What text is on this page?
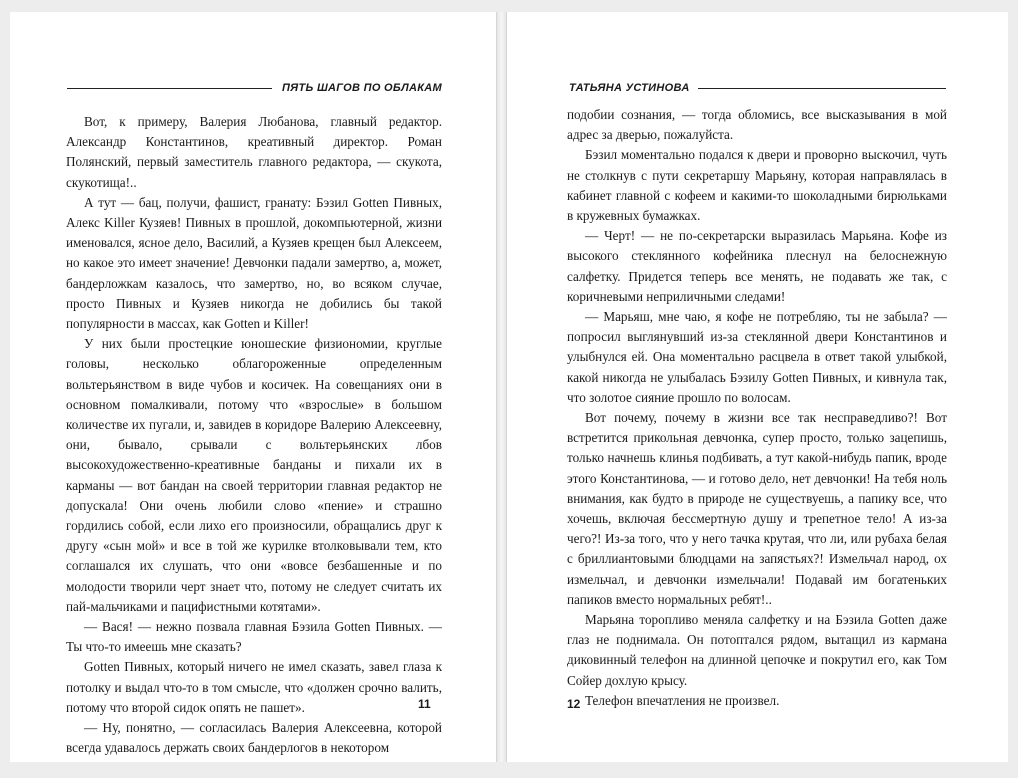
ПЯТЬ ШАГОВ ПО ОБЛАКАМ

Вот, к примеру, Валерия Любанова, главный редактор. Александр Константинов, креативный директор. Роман Полянский, первый заместитель главного редактора, — скукота, скукотища!..

А тут — бац, получи, фашист, гранату: Бэзил Gotten Пивных, Алекс Killer Кузяев! Пивных в прошлой, докомпьютерной, жизни именовался, ясное дело, Василий, а Кузяев крещен был Алексеем, но какое это имеет значение! Девчонки падали замертво, а, может, бандерложкам казалось, что замертво, но, во всяком случае, просто Пивных и Кузяев никогда не добились бы такой популярности в массах, как Gotten и Killer!

У них были простецкие юношеские физиономии, круглые головы, несколько облагороженные определенным вольтерьянством в виде чубов и косичек. На совещаниях они в основном помалкивали, потому что «взрослые» в большом количестве их пугали, и, завидев в коридоре Валерию Алексеевну, они, бывало, срывали с вольтерьянских лбов высокохудожественно-креативные банданы и пихали их в карманы — вот бандан на своей территории главная редактор не допускала! Они очень любили слово «пение» и страшно гордились собой, если лихо его произносили, обращались друг к другу «сын мой» и все в той же курилке втолковывали тем, кто соглашался их слушать, что они «вовсе безбашенные и по молодости творили черт знает что, потому не следует считать их пай-мальчиками и пацифистными котятами».

— Вася! — нежно позвала главная Бэзила Gotten Пивных. — Ты что-то имеешь мне сказать?

Gotten Пивных, который ничего не имел сказать, завел глаза к потолку и выдал что-то в том смысле, что «должен срочно валить, потому что второй сидок опять не пашет».

— Ну, понятно, — согласилась Валерия Алексеевна, которой всегда удавалось держать своих бандерлогов в некотором

11
ТАТЬЯНА УСТИНОВА

подобии сознания, — тогда обломись, все высказывания в мой адрес за дверью, пожалуйста.

Бэзил моментально подался к двери и проворно выскочил, чуть не столкнув с пути секретаршу Марьяну, которая направлялась в кабинет главной с кофеем и какими-то шоколадными бирюльками в кружевных бумажках.

— Черт! — не по-секретарски выразилась Марьяна. Кофе из высокого стеклянного кофейника плеснул на белоснежную салфетку. Придется теперь все менять, не подавать же так, с коричневыми неприличными следами!

— Марьяш, мне чаю, я кофе не потребляю, ты не забыла? — попросил выглянувший из-за стеклянной двери Константинов и улыбнулся ей. Она моментально расцвела в ответ такой улыбкой, какой никогда не улыбалась Бэзилу Gotten Пивных, и кивнула так, что золотое сияние прошло по волосам.

Вот почему, почему в жизни все так несправедливо?! Вот встретится прикольная девчонка, супер просто, только зацепишь, только начнешь клинья подбивать, а тут какой-нибудь папик, вроде этого Константинова, — и готово дело, нет девчонки! На тебя ноль внимания, как будто в природе не существуешь, а папику все, что хочешь, включая бессмертную душу и трепетное тело! А из-за чего?! Из-за того, что у него тачка крутая, что ли, или рубаха белая с бриллиантовыми блюдцами на запястьях?! Измельчал народ, ох измельчал, и девчонки измельчали! Подавай им богатеньких папиков вместо нормальных ребят!..

Марьяна торопливо меняла салфетку и на Бэзила Gotten даже глаз не поднимала. Он потоптался рядом, вытащил из кармана диковинный телефон на длинной цепочке и покрутил его, как Том Сойер дохлую крысу.

Телефон впечатления не произвел.

12
